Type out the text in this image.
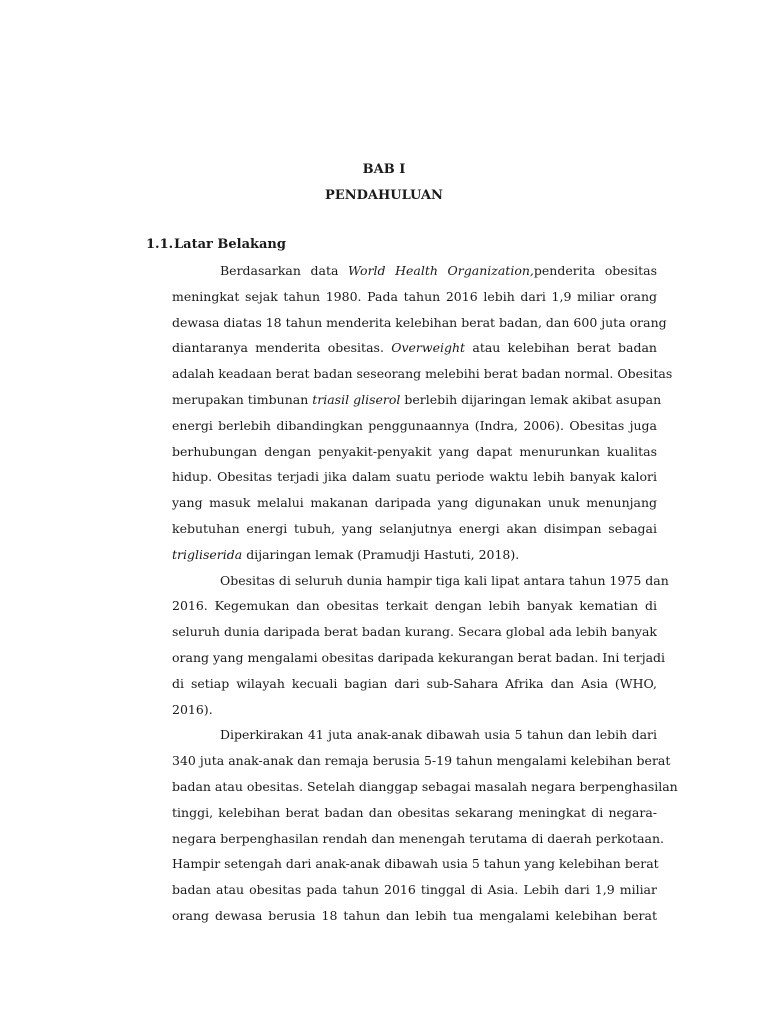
BAB I
PENDAHULUAN
1.1.Latar Belakang
Berdasarkan data World Health Organization,penderita obesitas
meningkat sejak tahun 1980. Pada tahun 2016 lebih dari 1,9 miliar orang
dewasa diatas 18 tahun menderita kelebihan berat badan, dan 600 juta orang
diantaranya menderita obesitas. Overweight atau kelebihan berat badan
adalah keadaan berat badan seseorang melebihi berat badan normal. Obesitas
merupakan timbunan triasil gliserol berlebih dijaringan lemak akibat asupan
energi berlebih dibandingkan penggunaannya (Indra, 2006). Obesitas juga
berhubungan dengan penyakit-penyakit yang dapat menurunkan kualitas
hidup. Obesitas terjadi jika dalam suatu periode waktu lebih banyak kalori
yang masuk melalui makanan daripada yang digunakan unuk menunjang
kebutuhan energi tubuh, yang selanjutnya energi akan disimpan sebagai
trigliserida dijaringan lemak (Pramudji Hastuti, 2018).
Obesitas di seluruh dunia hampir tiga kali lipat antara tahun 1975 dan
2016. Kegemukan dan obesitas terkait dengan lebih banyak kematian di
seluruh dunia daripada berat badan kurang. Secara global ada lebih banyak
orang yang mengalami obesitas daripada kekurangan berat badan. Ini terjadi
di setiap wilayah kecuali bagian dari sub-Sahara Afrika dan Asia (WHO,
2016).
Diperkirakan 41 juta anak-anak dibawah usia 5 tahun dan lebih dari
340 juta anak-anak dan remaja berusia 5-19 tahun mengalami kelebihan berat
badan atau obesitas. Setelah dianggap sebagai masalah negara berpenghasilan
tinggi, kelebihan berat badan dan obesitas sekarang meningkat di negara-
negara berpenghasilan rendah dan menengah terutama di daerah perkotaan.
Hampir setengah dari anak-anak dibawah usia 5 tahun yang kelebihan berat
badan atau obesitas pada tahun 2016 tinggal di Asia. Lebih dari 1,9 miliar
orang dewasa berusia 18 tahun dan lebih tua mengalami kelebihan berat
